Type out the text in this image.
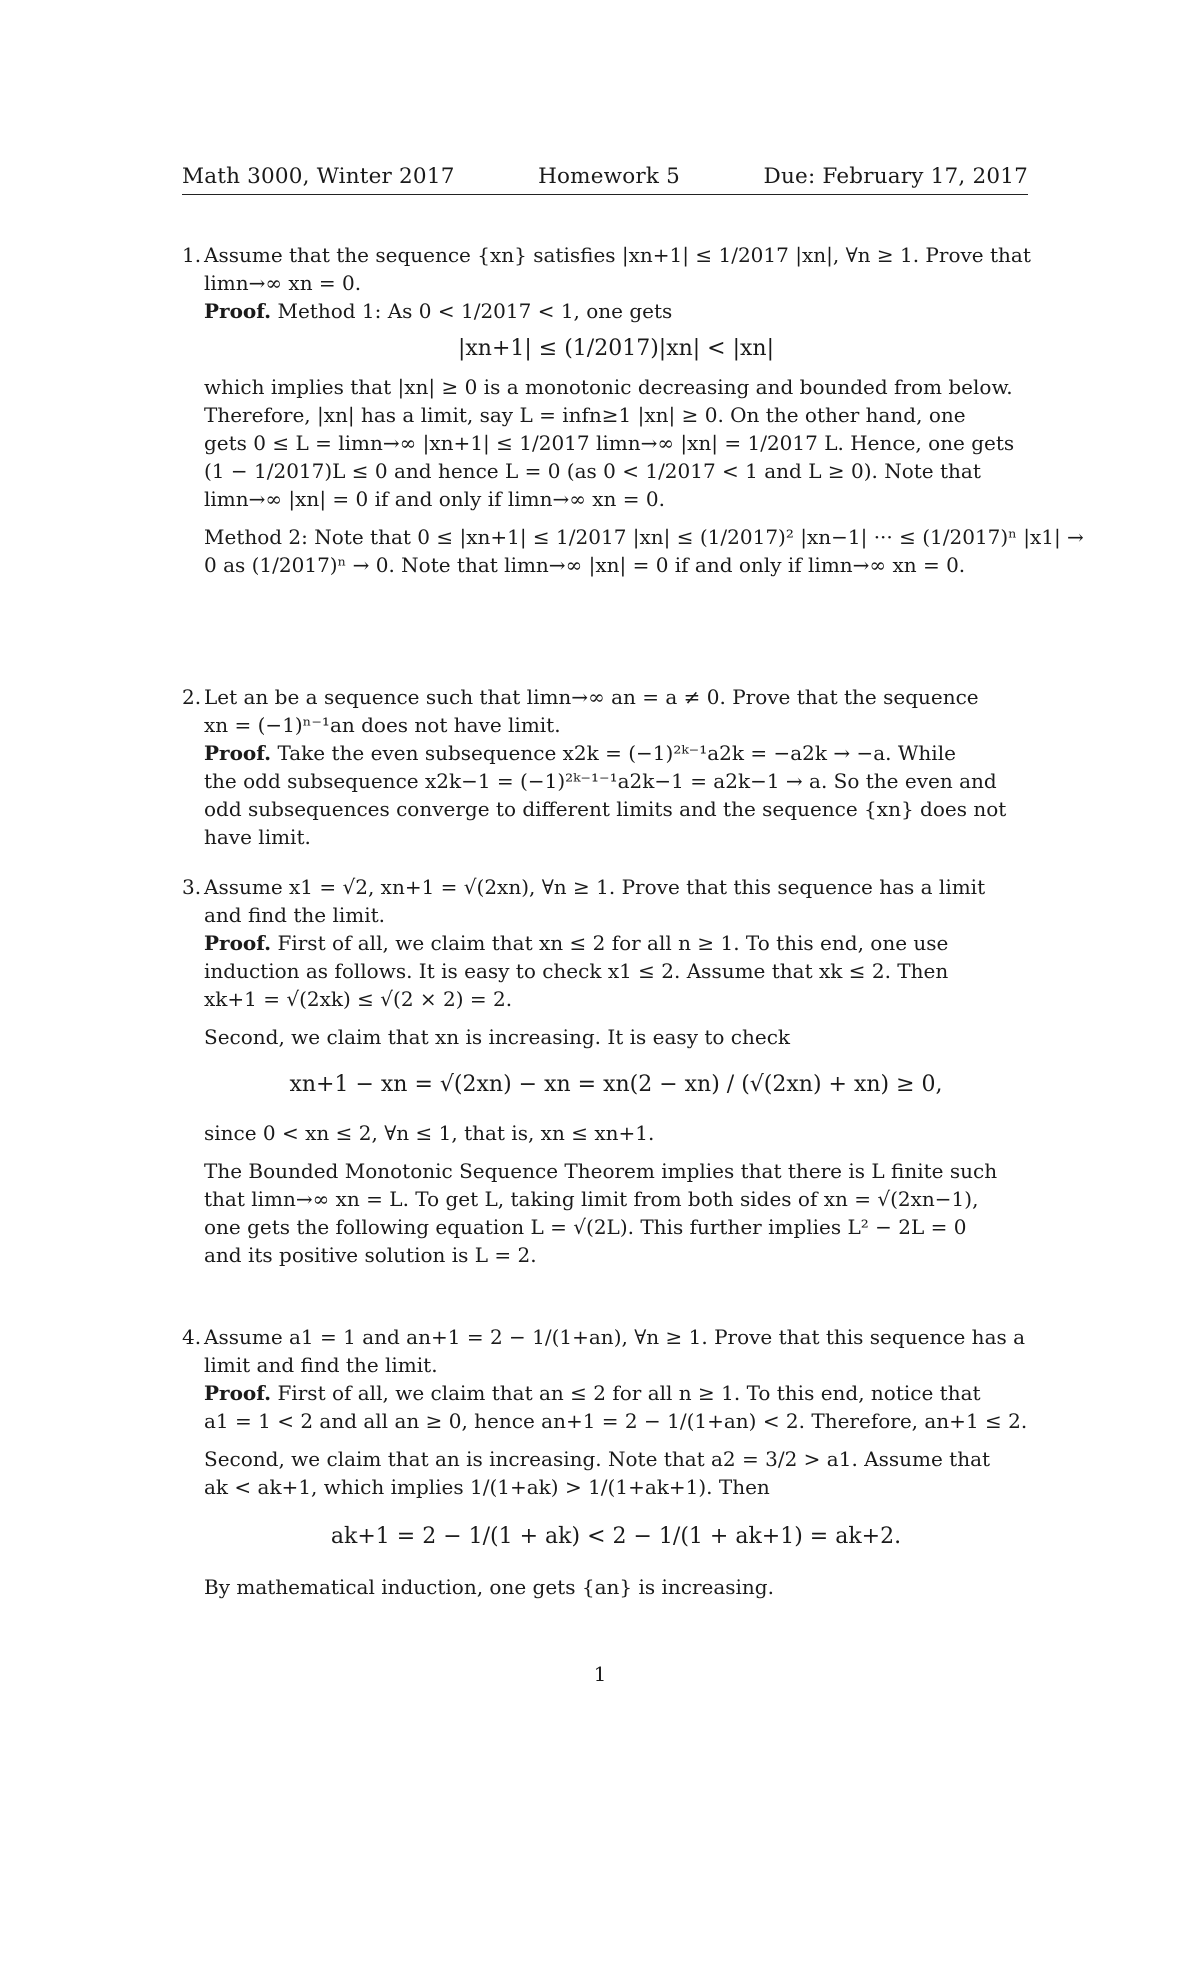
Math 3000, Winter 2017	Homework 5	Due: February 17, 2017
1. Assume that the sequence {xn} satisfies |xn+1| ≤ 1/2017 |xn|, ∀n ≥ 1. Prove that

limn→∞ xn = 0.

Proof. Method 1: As 0 < 1/2017 < 1, one gets

|xn+1| ≤ (1/2017)|xn| < |xn|

which implies that |xn| ≥ 0 is a monotonic decreasing and bounded from below.

Therefore, |xn| has a limit, say L = infn≥1 |xn| ≥ 0. On the other hand, one

gets 0 ≤ L = limn→∞ |xn+1| ≤ 1/2017 limn→∞ |xn| = 1/2017 L. Hence, one gets

(1 − 1/2017)L ≤ 0 and hence L = 0 (as 0 < 1/2017 < 1 and L ≥ 0). Note that

limn→∞ |xn| = 0 if and only if limn→∞ xn = 0.

Method 2: Note that 0 ≤ |xn+1| ≤ 1/2017 |xn| ≤ (1/2017)² |xn−1| ··· ≤ (1/2017)ⁿ |x1| →

0 as (1/2017)ⁿ → 0. Note that limn→∞ |xn| = 0 if and only if limn→∞ xn = 0.

2. Let an be a sequence such that limn→∞ an = a ≠ 0. Prove that the sequence

xn = (−1)ⁿ⁻¹an does not have limit.

Proof. Take the even subsequence x2k = (−1)²ᵏ⁻¹a2k = −a2k → −a. While

the odd subsequence x2k−1 = (−1)²ᵏ⁻¹⁻¹a2k−1 = a2k−1 → a. So the even and

odd subsequences converge to different limits and the sequence {xn} does not

have limit.

3. Assume x1 = √2, xn+1 = √(2xn), ∀n ≥ 1. Prove that this sequence has a limit

and find the limit.

Proof. First of all, we claim that xn ≤ 2 for all n ≥ 1. To this end, one use

induction as follows. It is easy to check x1 ≤ 2. Assume that xk ≤ 2. Then

xk+1 = √(2xk) ≤ √(2 × 2) = 2.

Second, we claim that xn is increasing. It is easy to check

xn+1 − xn = √(2xn) − xn = xn(2 − xn) / (√(2xn) + xn) ≥ 0,

since 0 < xn ≤ 2, ∀n ≤ 1, that is, xn ≤ xn+1.

The Bounded Monotonic Sequence Theorem implies that there is L finite such

that limn→∞ xn = L. To get L, taking limit from both sides of xn = √(2xn−1),

one gets the following equation L = √(2L). This further implies L² − 2L = 0

and its positive solution is L = 2.

4. Assume a1 = 1 and an+1 = 2 − 1/(1+an), ∀n ≥ 1. Prove that this sequence has a

limit and find the limit.

Proof. First of all, we claim that an ≤ 2 for all n ≥ 1. To this end, notice that

a1 = 1 < 2 and all an ≥ 0, hence an+1 = 2 − 1/(1+an) < 2. Therefore, an+1 ≤ 2.

Second, we claim that an is increasing. Note that a2 = 3/2 > a1. Assume that

ak < ak+1, which implies 1/(1+ak) > 1/(1+ak+1). Then

ak+1 = 2 − 1/(1 + ak) < 2 − 1/(1 + ak+1) = ak+2.

By mathematical induction, one gets {an} is increasing.

1
